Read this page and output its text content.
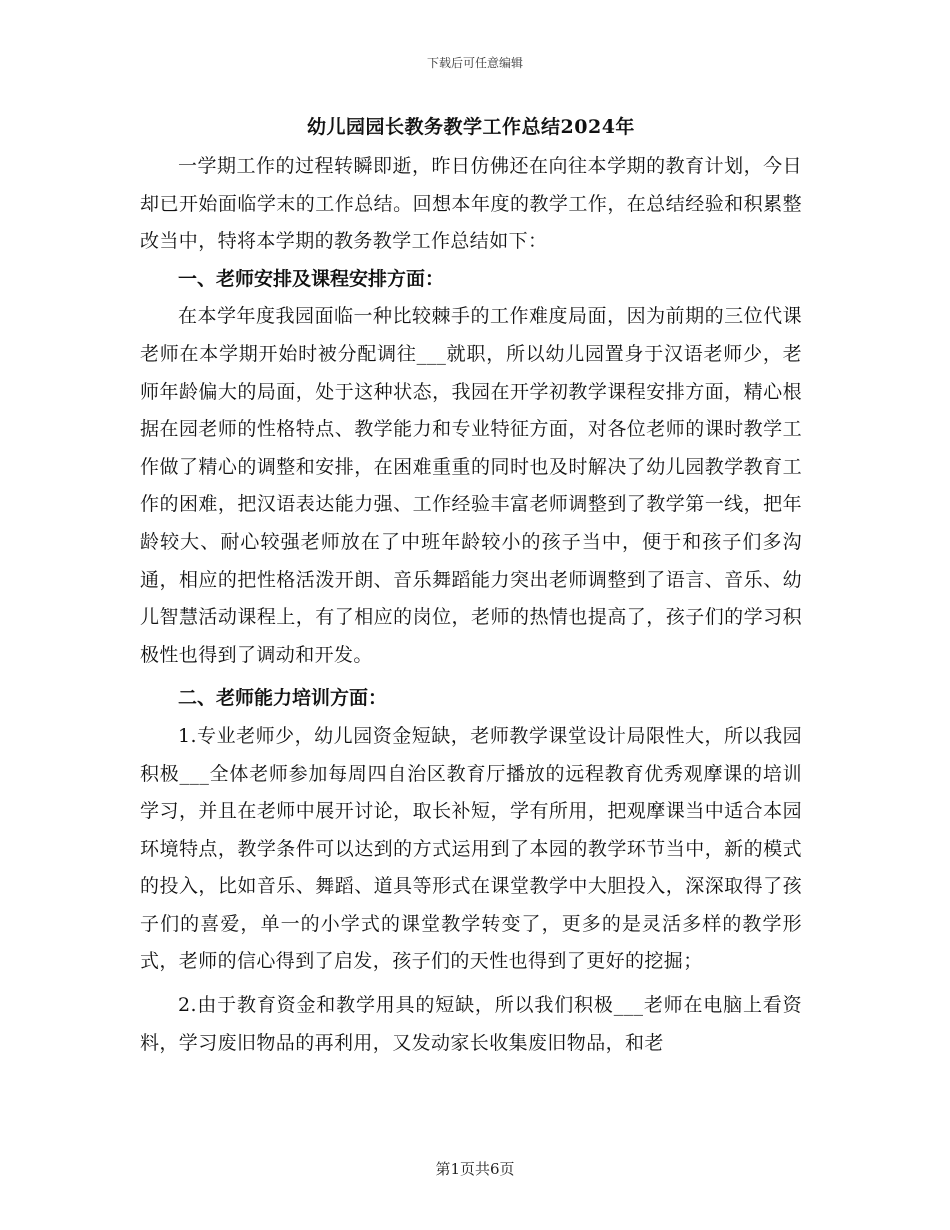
下载后可任意编辑
幼儿园园长教务教学工作总结2024年

一学期工作的过程转瞬即逝，昨日仿佛还在向往本学期的教育计划，今日却已开始面临学末的工作总结。回想本年度的教学工作，在总结经验和积累整改当中，特将本学期的教务教学工作总结如下：

一、老师安排及课程安排方面：

在本学年度我园面临一种比较棘手的工作难度局面，因为前期的三位代课老师在本学期开始时被分配调往___就职，所以幼儿园置身于汉语老师少，老师年龄偏大的局面，处于这种状态，我园在开学初教学课程安排方面，精心根据在园老师的性格特点、教学能力和专业特征方面，对各位老师的课时教学工作做了精心的调整和安排，在困难重重的同时也及时解决了幼儿园教学教育工作的困难，把汉语表达能力强、工作经验丰富老师调整到了教学第一线，把年龄较大、耐心较强老师放在了中班年龄较小的孩子当中，便于和孩子们多沟通，相应的把性格活泼开朗、音乐舞蹈能力突出老师调整到了语言、音乐、幼儿智慧活动课程上，有了相应的岗位，老师的热情也提高了，孩子们的学习积极性也得到了调动和开发。

二、老师能力培训方面：

1.专业老师少，幼儿园资金短缺，老师教学课堂设计局限性大，所以我园积极___全体老师参加每周四自治区教育厅播放的远程教育优秀观摩课的培训学习，并且在老师中展开讨论，取长补短，学有所用，把观摩课当中适合本园环境特点，教学条件可以达到的方式运用到了本园的教学环节当中，新的模式的投入，比如音乐、舞蹈、道具等形式在课堂教学中大胆投入，深深取得了孩子们的喜爱，单一的小学式的课堂教学转变了，更多的是灵活多样的教学形式，老师的信心得到了启发，孩子们的天性也得到了更好的挖掘；

2.由于教育资金和教学用具的短缺，所以我们积极___老师在电脑上看资料，学习废旧物品的再利用，又发动家长收集废旧物品，和老

第1页共6页
